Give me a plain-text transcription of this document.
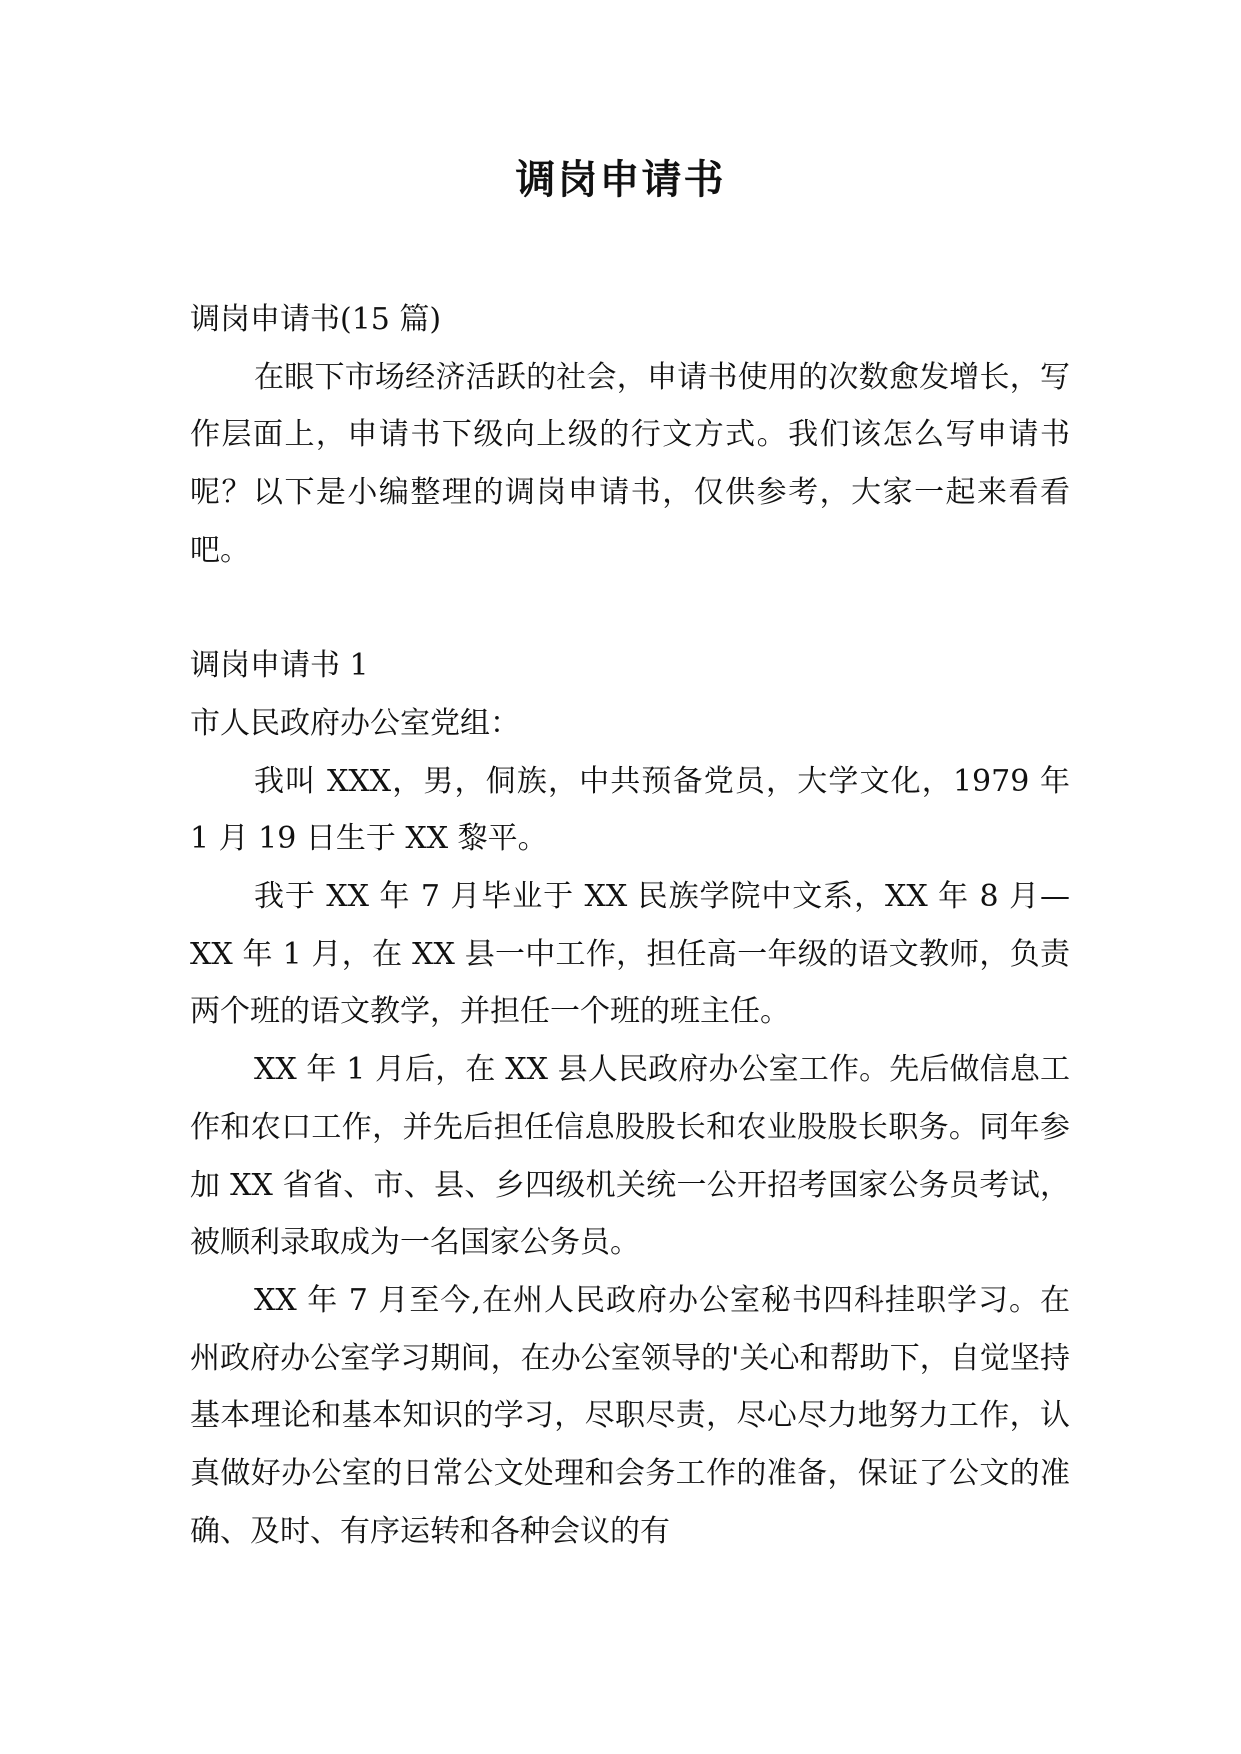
调岗申请书

调岗申请书(15 篇)

在眼下市场经济活跃的社会，申请书使用的次数愈发增长，写作层面上，申请书下级向上级的行文方式。我们该怎么写申请书呢？以下是小编整理的调岗申请书，仅供参考，大家一起来看看吧。

调岗申请书 1

市人民政府办公室党组：

我叫 XXX，男，侗族，中共预备党员，大学文化，1979 年 1 月 19 日生于 XX 黎平。

我于 XX 年 7 月毕业于 XX 民族学院中文系，XX 年 8 月—XX 年 1 月，在 XX 县一中工作，担任高一年级的语文教师，负责两个班的语文教学，并担任一个班的班主任。

XX 年 1 月后，在 XX 县人民政府办公室工作。先后做信息工作和农口工作，并先后担任信息股股长和农业股股长职务。同年参加 XX 省省、市、县、乡四级机关统一公开招考国家公务员考试，被顺利录取成为一名国家公务员。

XX 年 7 月至今,在州人民政府办公室秘书四科挂职学习。在州政府办公室学习期间，在办公室领导的'关心和帮助下，自觉坚持基本理论和基本知识的学习，尽职尽责，尽心尽力地努力工作，认真做好办公室的日常公文处理和会务工作的准备，保证了公文的准确、及时、有序运转和各种会议的有
